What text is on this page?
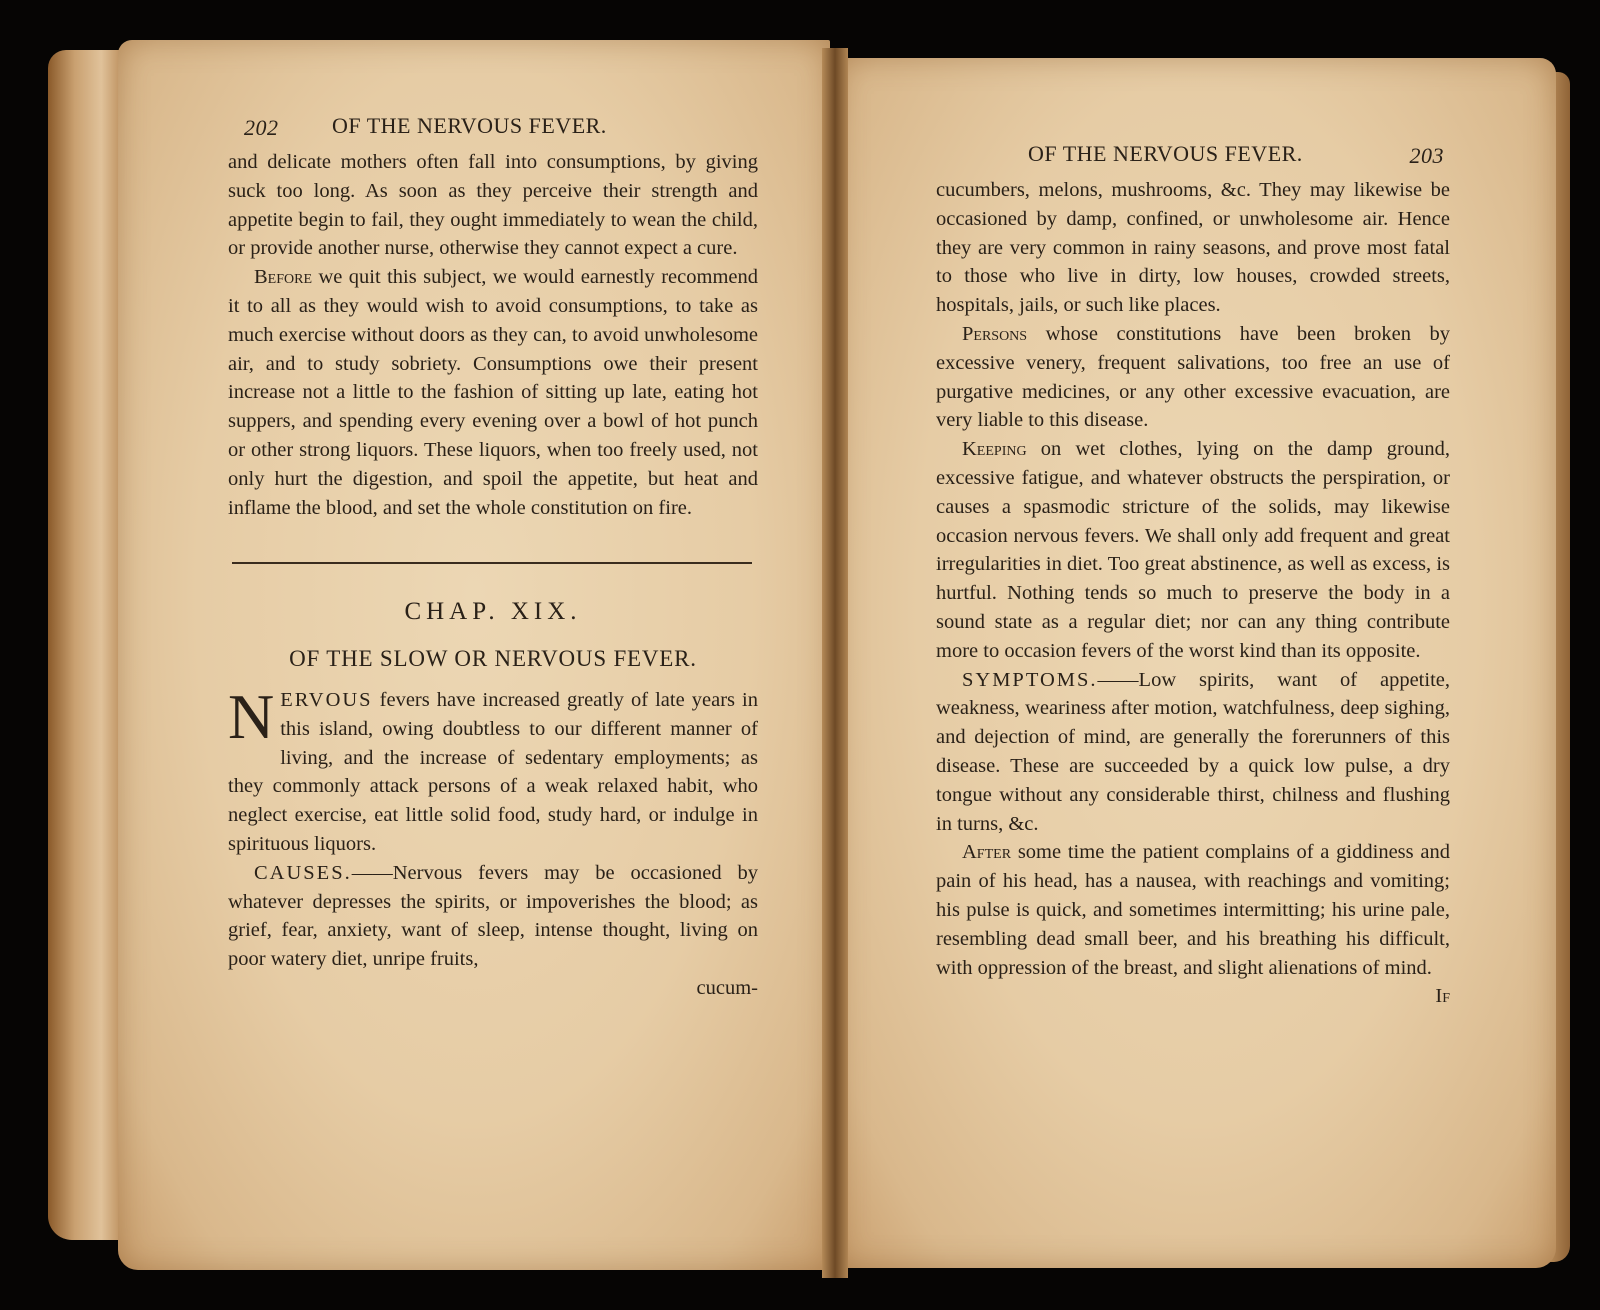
202 OF THE NERVOUS FEVER.

and delicate mothers often fall into consumptions, by giving suck too long. As soon as they perceive their strength and appetite begin to fail, they ought immediately to wean the child, or provide another nurse, otherwise they cannot expect a cure.

Before we quit this subject, we would earnestly recommend it to all as they would wish to avoid consumptions, to take as much exercise without doors as they can, to avoid unwholesome air, and to study sobriety. Consumptions owe their present increase not a little to the fashion of sitting up late, eating hot suppers, and spending every evening over a bowl of hot punch or other strong liquors. These liquors, when too freely used, not only hurt the digestion, and spoil the appetite, but heat and inflame the blood, and set the whole constitution on fire.

CHAP. XIX.
OF THE SLOW OR NERVOUS FEVER.

NERVOUS fevers have increased greatly of late years in this island, owing doubtless to our different manner of living, and the increase of sedentary employments; as they commonly attack persons of a weak relaxed habit, who neglect exercise, eat little solid food, study hard, or indulge in spirituous liquors.

CAUSES.——Nervous fevers may be occasioned by whatever depresses the spirits, or impoverishes the blood; as grief, fear, anxiety, want of sleep, intense thought, living on poor watery diet, unripe fruits,

cucum-
OF THE NERVOUS FEVER.	203

cucumbers, melons, mushrooms, &c. They may likewise be occasioned by damp, confined, or unwholesome air. Hence they are very common in rainy seasons, and prove most fatal to those who live in dirty, low houses, crowded streets, hospitals, jails, or such like places.

Persons whose constitutions have been broken by excessive venery, frequent salivations, too free an use of purgative medicines, or any other excessive evacuation, are very liable to this disease.

Keeping on wet clothes, lying on the damp ground, excessive fatigue, and whatever obstructs the perspiration, or causes a spasmodic stricture of the solids, may likewise occasion nervous fevers. We shall only add frequent and great irregularities in diet. Too great abstinence, as well as excess, is hurtful. Nothing tends so much to preserve the body in a sound state as a regular diet; nor can any thing contribute more to occasion fevers of the worst kind than its opposite.

SYMPTOMS.——Low spirits, want of appetite, weakness, weariness after motion, watchfulness, deep sighing, and dejection of mind, are generally the forerunners of this disease. These are succeeded by a quick low pulse, a dry tongue without any considerable thirst, chilness and flushing in turns, &c.

After some time the patient complains of a giddiness and pain of his head, has a nausea, with reachings and vomiting; his pulse is quick, and sometimes intermitting; his urine pale, resembling dead small beer, and his breathing his difficult, with oppression of the breast, and slight alienations of mind.

If
